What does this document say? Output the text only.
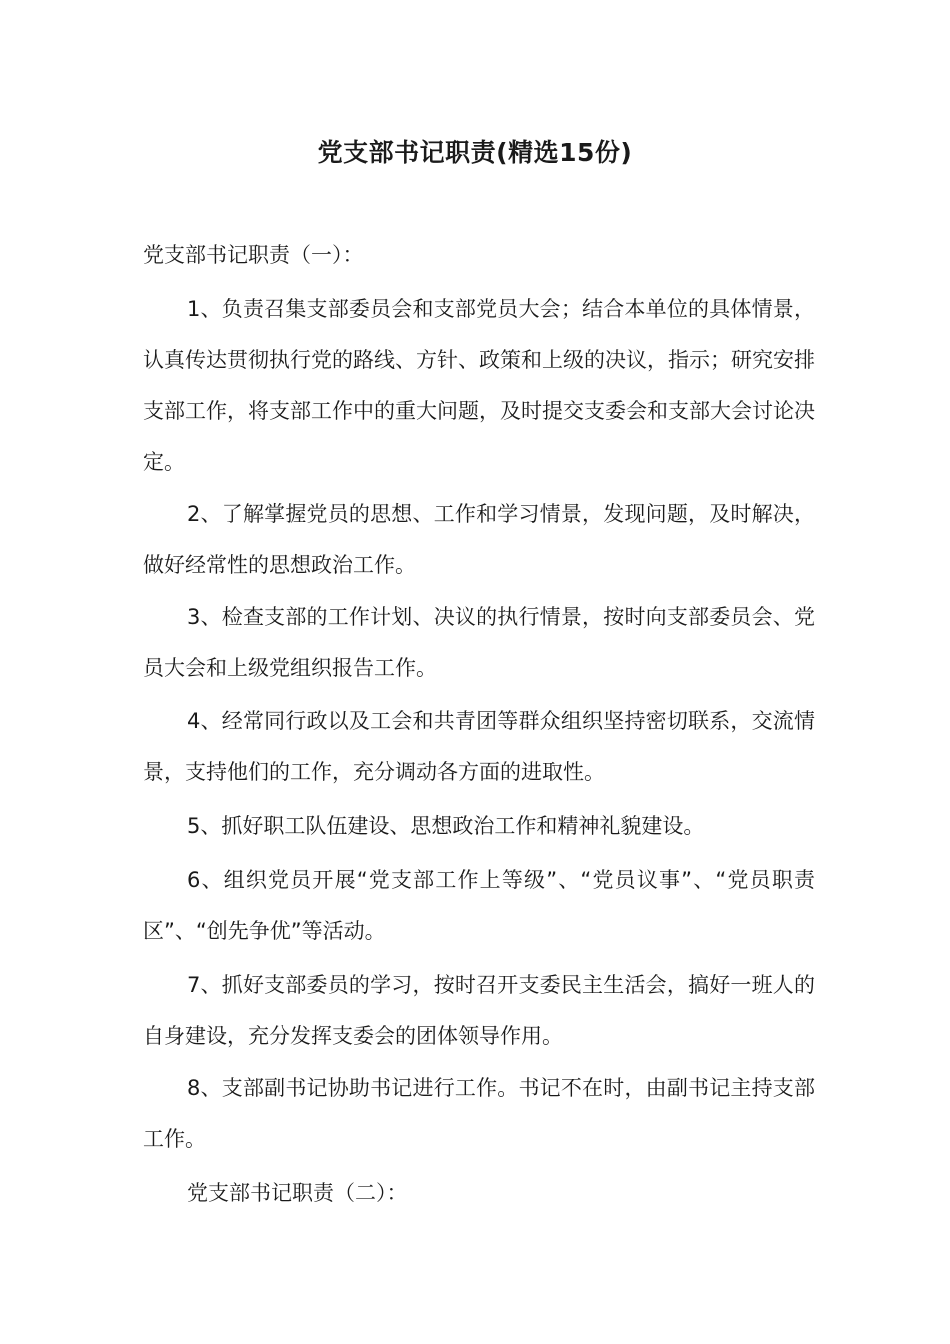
党支部书记职责(精选15份)

党支部书记职责（一）：

1、负责召集支部委员会和支部党员大会；结合本单位的具体情景，认真传达贯彻执行党的路线、方针、政策和上级的决议，指示；研究安排支部工作，将支部工作中的重大问题，及时提交支委会和支部大会讨论决定。

2、了解掌握党员的思想、工作和学习情景，发现问题，及时解决，做好经常性的思想政治工作。

3、检查支部的工作计划、决议的执行情景，按时向支部委员会、党员大会和上级党组织报告工作。

4、经常同行政以及工会和共青团等群众组织坚持密切联系，交流情景，支持他们的工作，充分调动各方面的进取性。

5、抓好职工队伍建设、思想政治工作和精神礼貌建设。

6、组织党员开展“党支部工作上等级”、“党员议事”、“党员职责区”、“创先争优”等活动。

7、抓好支部委员的学习，按时召开支委民主生活会，搞好一班人的自身建设，充分发挥支委会的团体领导作用。

8、支部副书记协助书记进行工作。书记不在时，由副书记主持支部工作。

党支部书记职责（二）：
